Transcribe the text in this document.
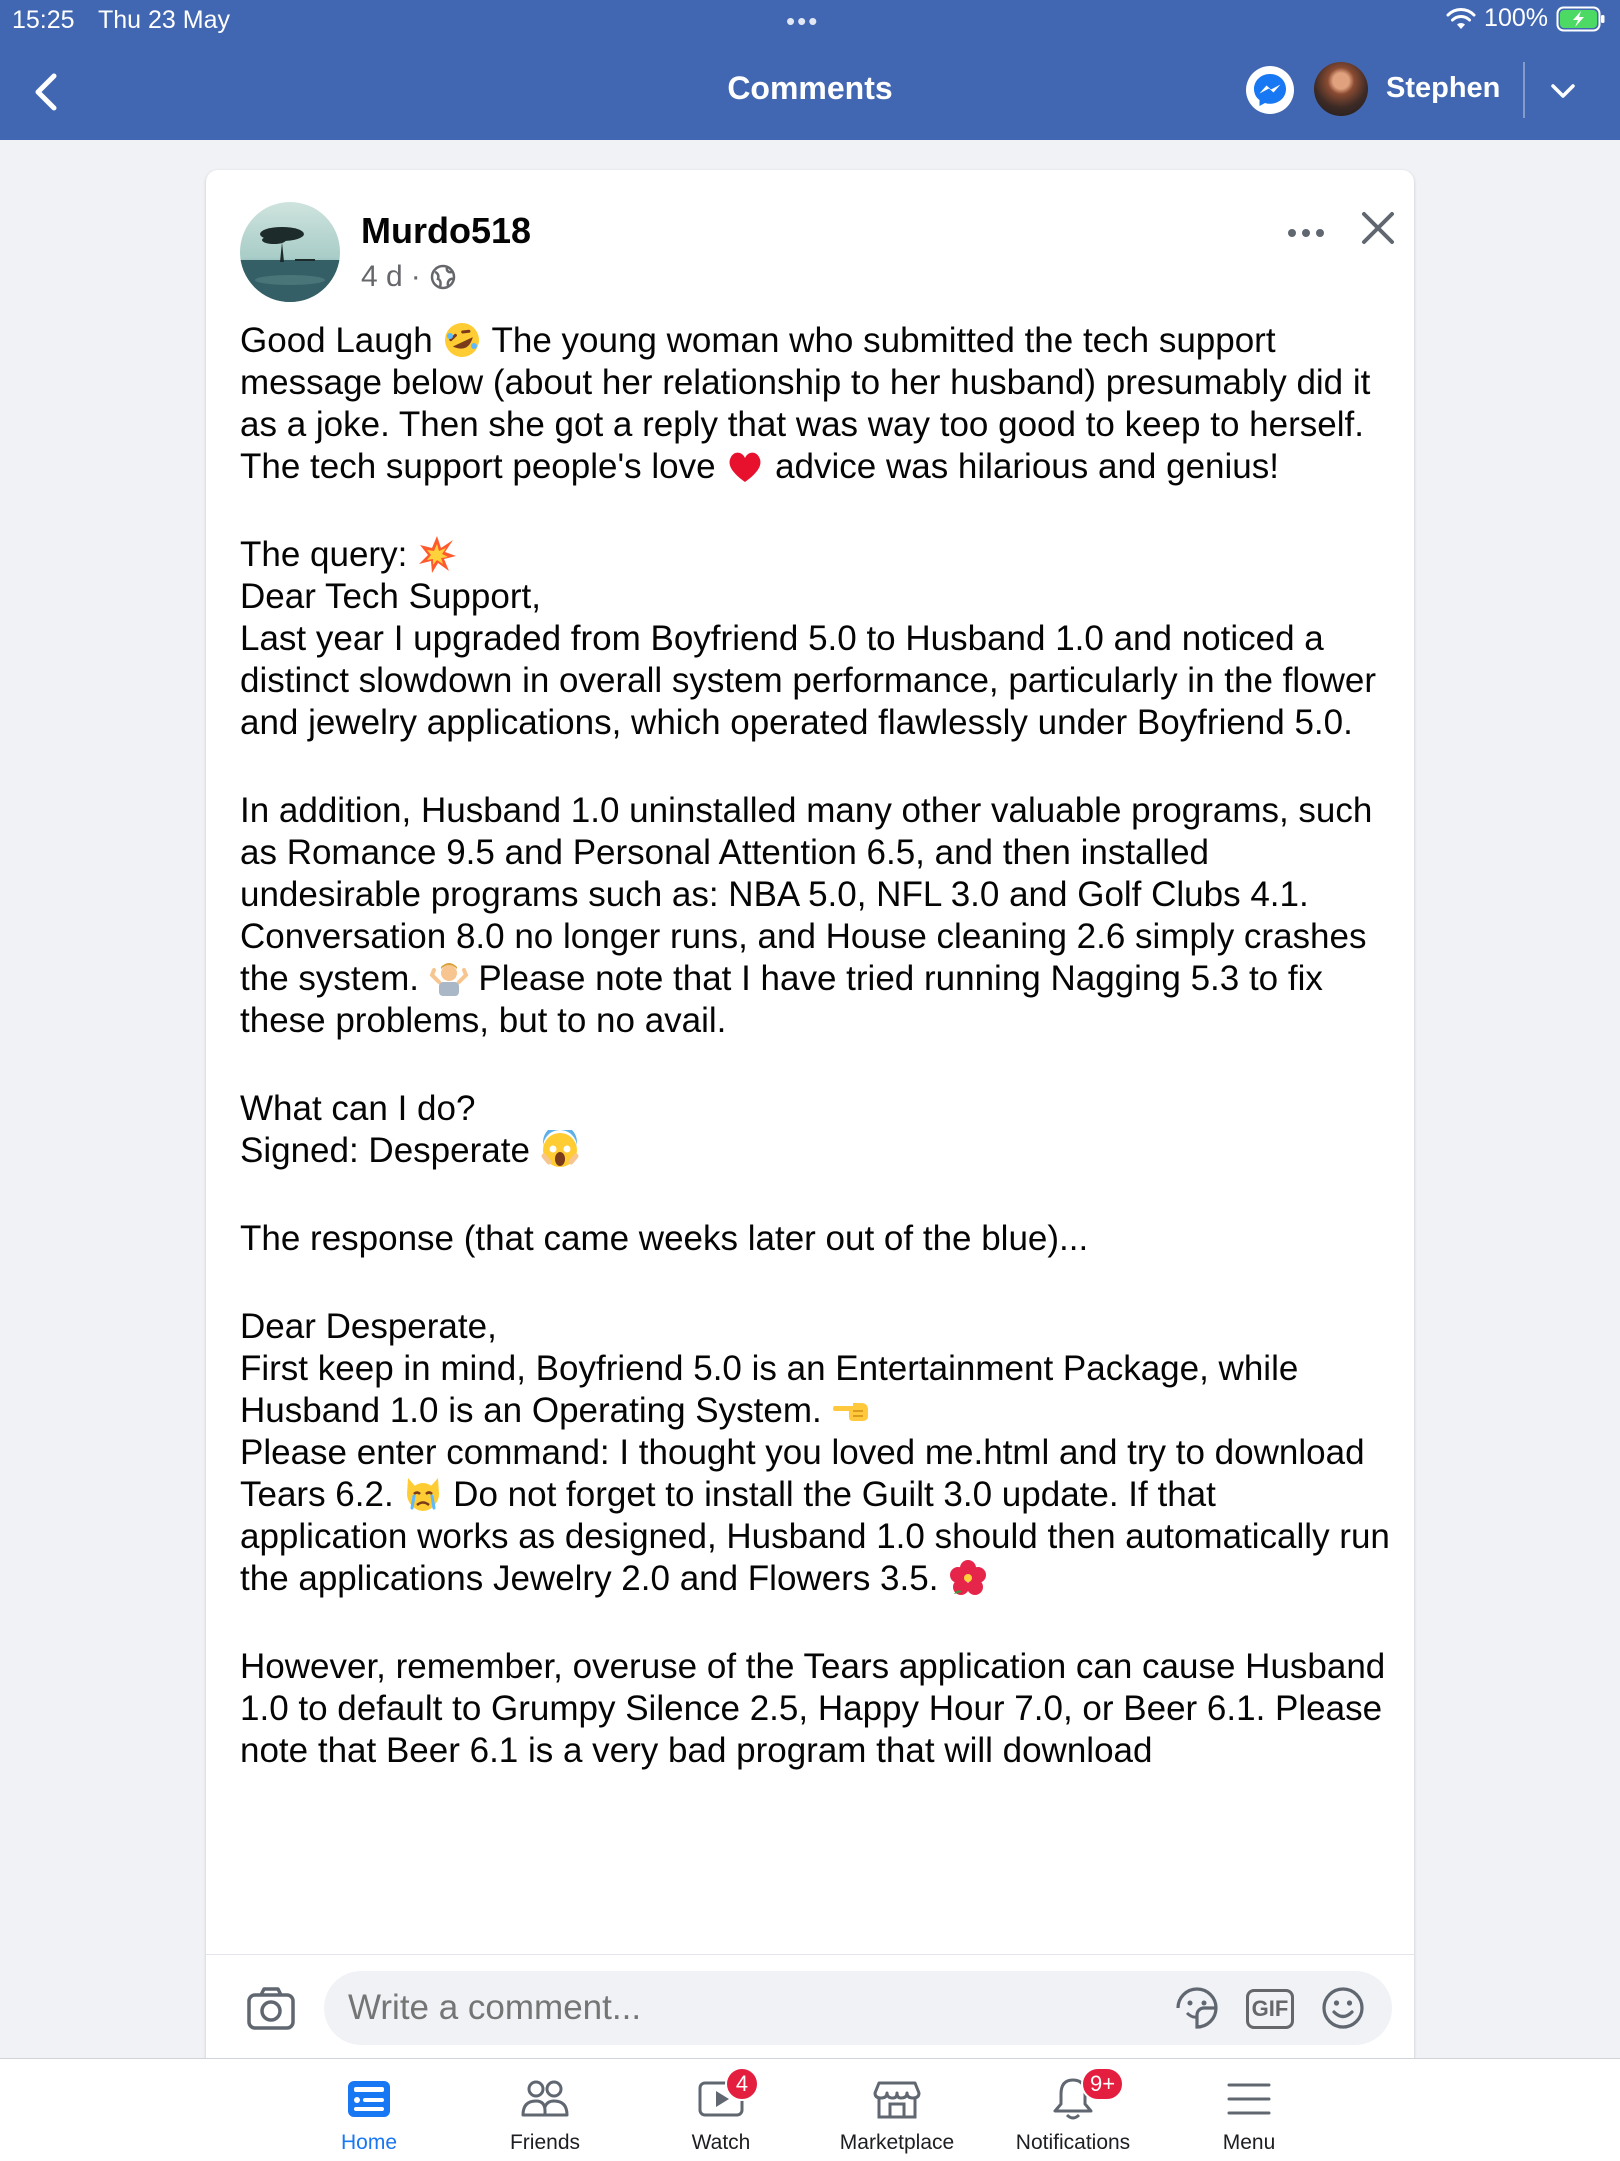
15:25 Thu 23 May	•••	100%
Comments	Stephen
Murdo518
4 d ·

Good Laugh The young woman who submitted the tech support message below (about her relationship to her husband) presumably did it as a joke. Then she got a reply that was way too good to keep to herself. The tech support people's love advice was hilarious and genius!

The query:

Dear Tech Support,

Last year I upgraded from Boyfriend 5.0 to Husband 1.0 and noticed a distinct slowdown in overall system performance, particularly in the flower and jewelry applications, which operated flawlessly under Boyfriend 5.0.

In addition, Husband 1.0 uninstalled many other valuable programs, such as Romance 9.5 and Personal Attention 6.5, and then installed undesirable programs such as: NBA 5.0, NFL 3.0 and Golf Clubs 4.1. Conversation 8.0 no longer runs, and House cleaning 2.6 simply crashes the system. Please note that I have tried running Nagging 5.3 to fix these problems, but to no avail.

What can I do?

Signed: Desperate

The response (that came weeks later out of the blue)...

Dear Desperate,

First keep in mind, Boyfriend 5.0 is an Entertainment Package, while Husband 1.0 is an Operating System.

Please enter command: I thought you loved me.html and try to download Tears 6.2. Do not forget to install the Guilt 3.0 update. If that application works as designed, Husband 1.0 should then automatically run the applications Jewelry 2.0 and Flowers 3.5.

However, remember, overuse of the Tears application can cause Husband 1.0 to default to Grumpy Silence 2.5, Happy Hour 7.0, or Beer 6.1. Please note that Beer 6.1 is a very bad program that will download

Write a comment...
GIF
Home	Friends
4
Watch	Marketplace
9+
Notifications	Menu
